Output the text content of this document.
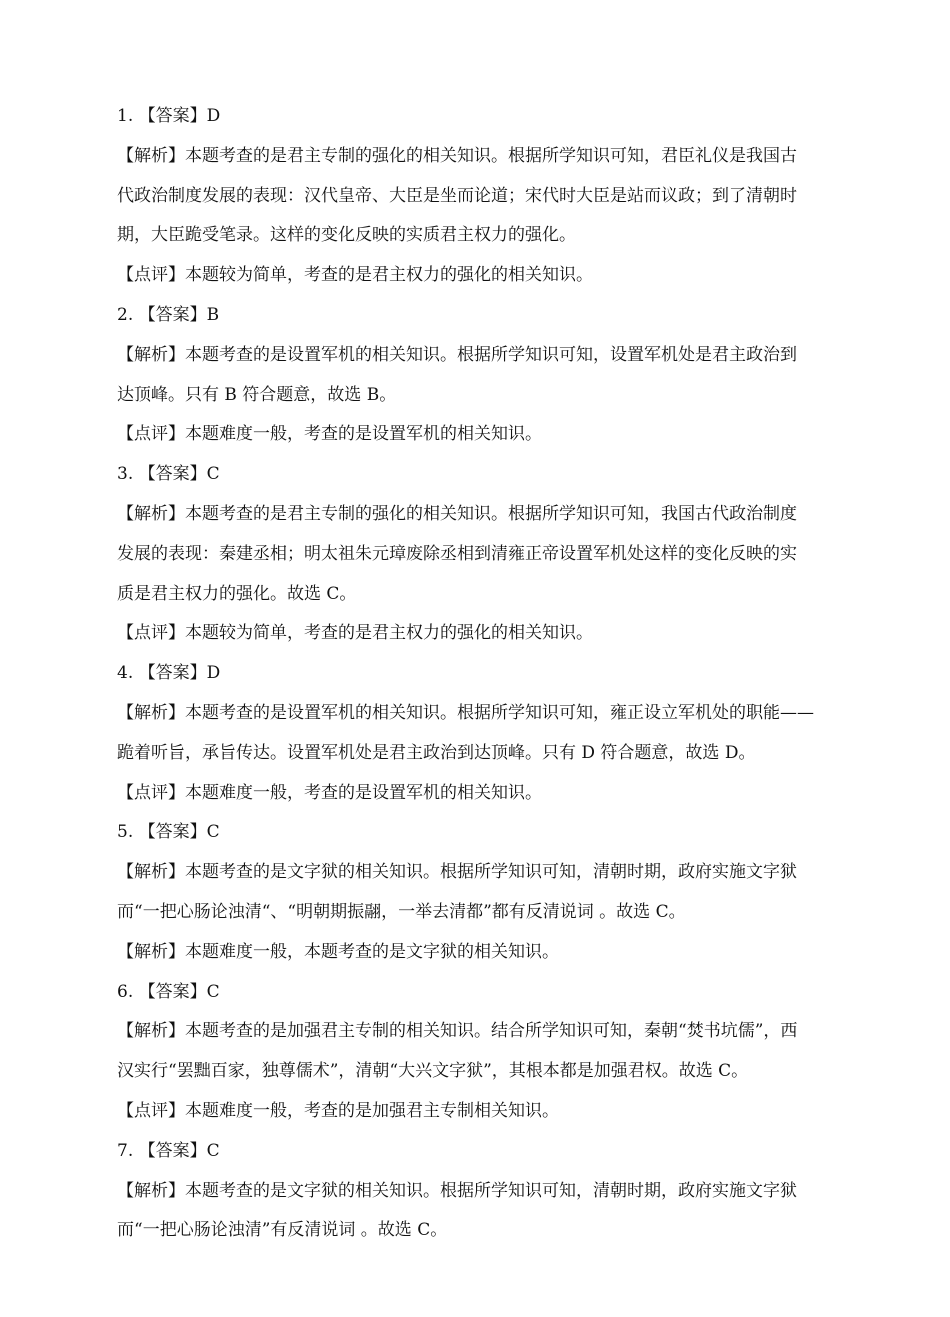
1. 【答案】D
【解析】本题考查的是君主专制的强化的相关知识。根据所学知识可知，君臣礼仪是我国古
代政治制度发展的表现：汉代皇帝、大臣是坐而论道；宋代时大臣是站而议政；到了清朝时
期，大臣跪受笔录。这样的变化反映的实质君主权力的强化。
【点评】本题较为简单，考查的是君主权力的强化的相关知识。
2. 【答案】B
【解析】本题考查的是设置军机的相关知识。根据所学知识可知，设置军机处是君主政治到
达顶峰。只有 B 符合题意，故选 B。
【点评】本题难度一般，考查的是设置军机的相关知识。
3. 【答案】C
【解析】本题考查的是君主专制的强化的相关知识。根据所学知识可知，我国古代政治制度
发展的表现：秦建丞相；明太祖朱元璋废除丞相到清雍正帝设置军机处这样的变化反映的实
质是君主权力的强化。故选 C。
【点评】本题较为简单，考查的是君主权力的强化的相关知识。
4. 【答案】D
【解析】本题考查的是设置军机的相关知识。根据所学知识可知，雍正设立军机处的职能——
跪着听旨，承旨传达。设置军机处是君主政治到达顶峰。只有 D 符合题意，故选 D。
【点评】本题难度一般，考查的是设置军机的相关知识。
5. 【答案】C
【解析】本题考查的是文字狱的相关知识。根据所学知识可知，清朝时期，政府实施文字狱
而“一把心肠论浊清“、“明朝期振翮，一举去清都”都有反清说词 。故选 C。
【解析】本题难度一般，本题考查的是文字狱的相关知识。
6. 【答案】C
【解析】本题考查的是加强君主专制的相关知识。结合所学知识可知，秦朝“焚书坑儒”，西
汉实行“罢黜百家，独尊儒术”，清朝“大兴文字狱”，其根本都是加强君权。故选 C。
【点评】本题难度一般，考查的是加强君主专制相关知识。
7. 【答案】C
【解析】本题考查的是文字狱的相关知识。根据所学知识可知，清朝时期，政府实施文字狱
而“一把心肠论浊清”有反清说词 。故选 C。
